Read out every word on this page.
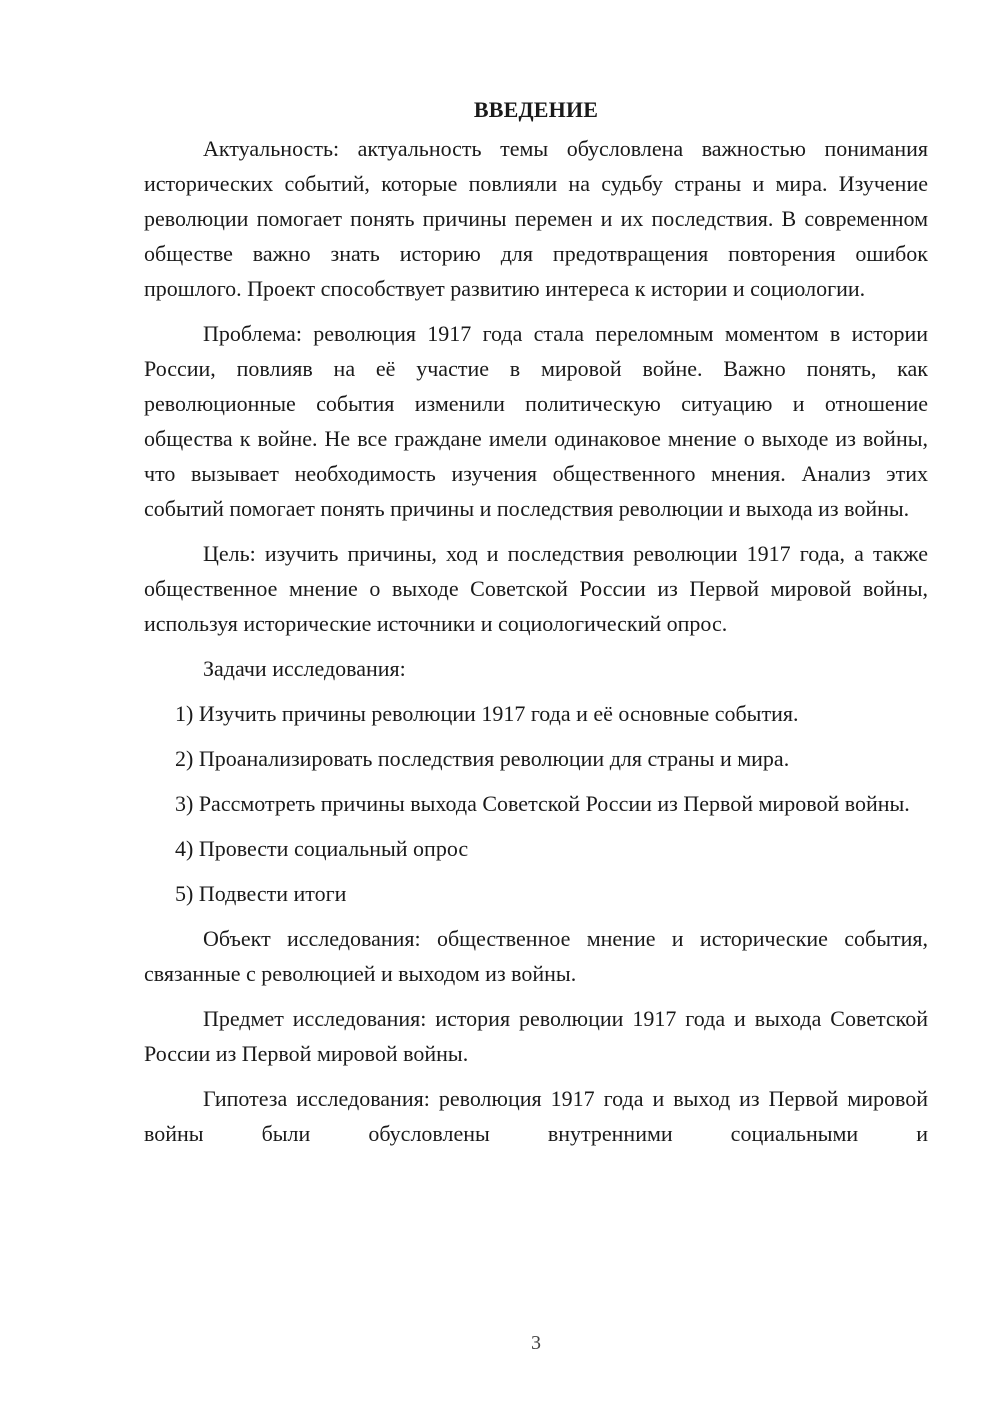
ВВЕДЕНИЕ

Актуальность: актуальность темы обусловлена важностью понимания исторических событий, которые повлияли на судьбу страны и мира. Изучение революции помогает понять причины перемен и их последствия. В современном обществе важно знать историю для предотвращения повторения ошибок прошлого. Проект способствует развитию интереса к истории и социологии.

Проблема: революция 1917 года стала переломным моментом в истории России, повлияв на её участие в мировой войне. Важно понять, как революционные события изменили политическую ситуацию и отношение общества к войне. Не все граждане имели одинаковое мнение о выходе из войны, что вызывает необходимость изучения общественного мнения. Анализ этих событий помогает понять причины и последствия революции и выхода из войны.

Цель: изучить причины, ход и последствия революции 1917 года, а также общественное мнение о выходе Советской России из Первой мировой войны, используя исторические источники и социологический опрос.

Задачи исследования:

1) Изучить причины революции 1917 года и её основные события.

2) Проанализировать последствия революции для страны и мира.

3) Рассмотреть причины выхода Советской России из Первой мировой войны.

4) Провести социальный опрос

5) Подвести итоги

Объект исследования: общественное мнение и исторические события, связанные с революцией и выходом из войны.

Предмет исследования: история революции 1917 года и выхода Советской России из Первой мировой войны.

Гипотеза исследования: революция 1917 года и выход из Первой мировой войны были обусловлены внутренними социальными и

3
